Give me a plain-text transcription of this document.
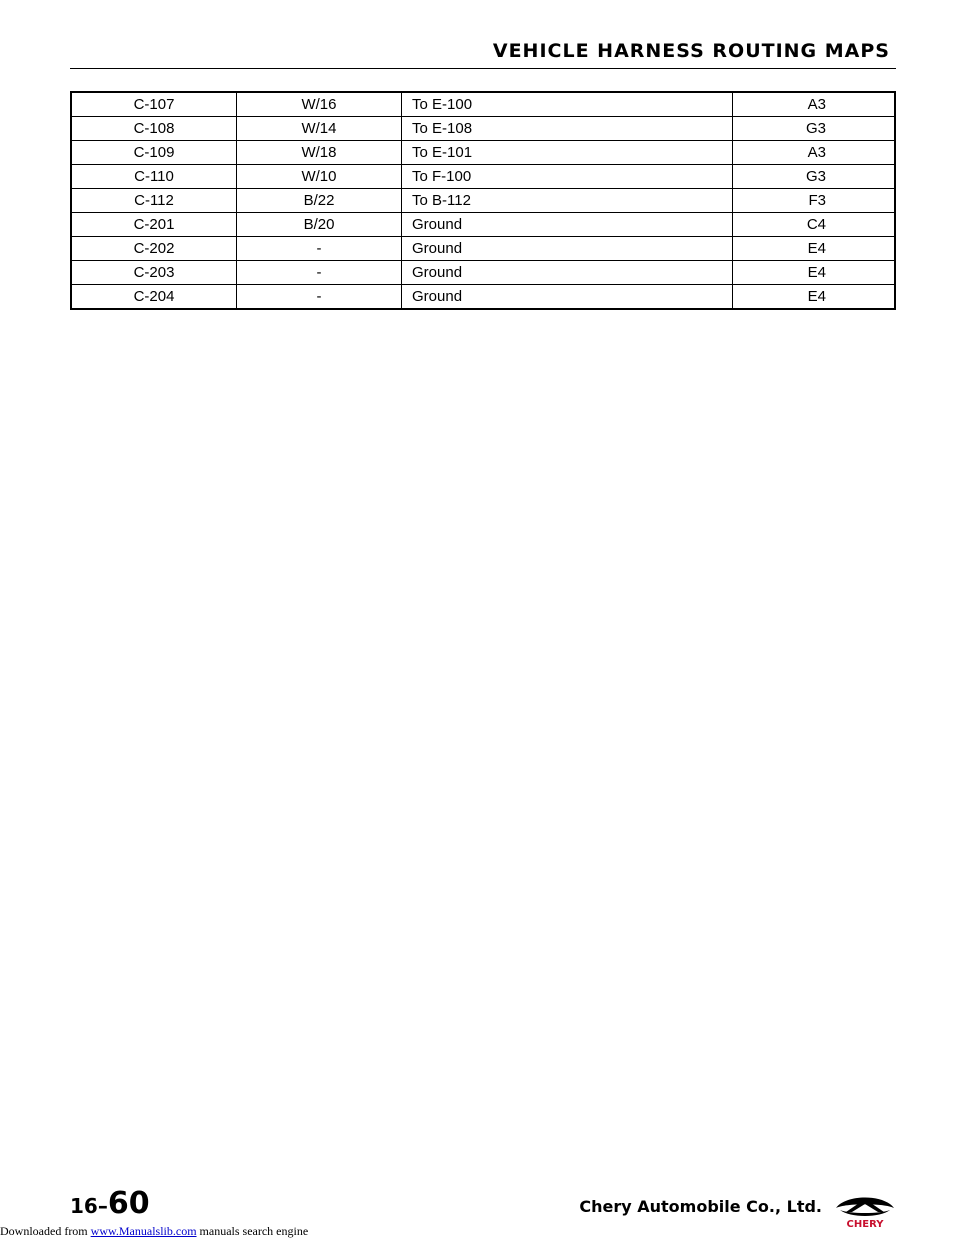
VEHICLE HARNESS ROUTING MAPS
C-107	W/16	To E-100	A3
C-108	W/14	To E-108	G3
C-109	W/18	To E-101	A3
C-110	W/10	To F-100	G3
C-112	B/22	To B-112	F3
C-201	B/20	Ground	C4
C-202	-	Ground	E4
C-203	-	Ground	E4
C-204	-	Ground	E4
16–60	Chery Automobile Co., Ltd.
CHERY
Downloaded from www.Manualslib.com manuals search engine
